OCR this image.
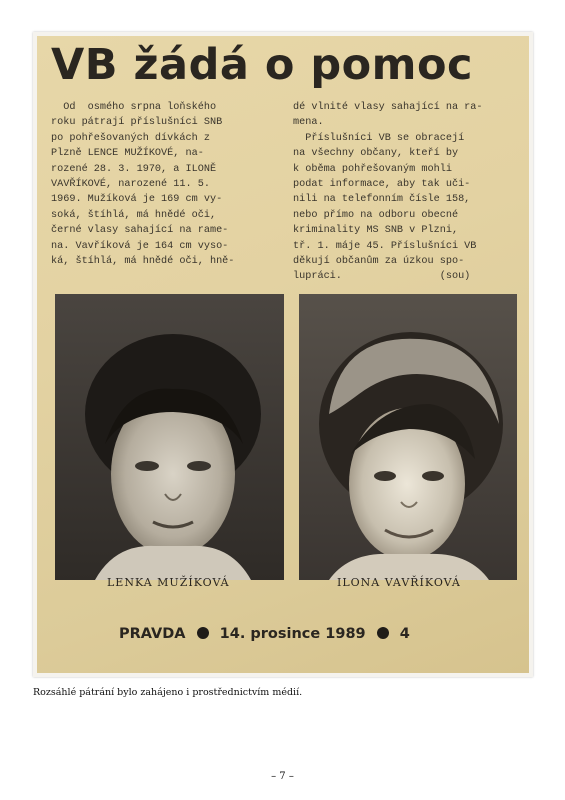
VB žádá o pomoc
Od  osmého srpna loňského
roku pátrají příslušníci SNB
po pohřešovaných dívkách z
Plzně LENCE MUŽÍKOVÉ, na-
rozené 28. 3. 1970, a ILONĚ
VAVŘÍKOVÉ, narozené 11. 5.
1969. Mužíková je 169 cm vy-
soká, štíhlá, má hnědé oči,
černé vlasy sahající na rame-
na. Vavříková je 164 cm vyso-
ká, štíhlá, má hnědé oči, hně-
dé vlnité vlasy sahající na ra-
mena.
Příslušníci VB se obracejí
na všechny občany, kteří by
k oběma pohřešovaným mohli
podat informace, aby tak uči-
nili na telefonním čísle 158,
nebo přímo na odboru obecné
kriminality MS SNB v Plzni,
tř. 1. máje 45. Příslušníci VB
děkují občanům za úzkou spo-
lupráci.                (sou)
LENKA MUŽÍKOVÁ	ILONA VAVŘÍKOVÁ
PRAVDA 14. prosince 1989 4
Rozsáhlé pátrání bylo zahájeno i prostřednictvím médií.
– 7 –
